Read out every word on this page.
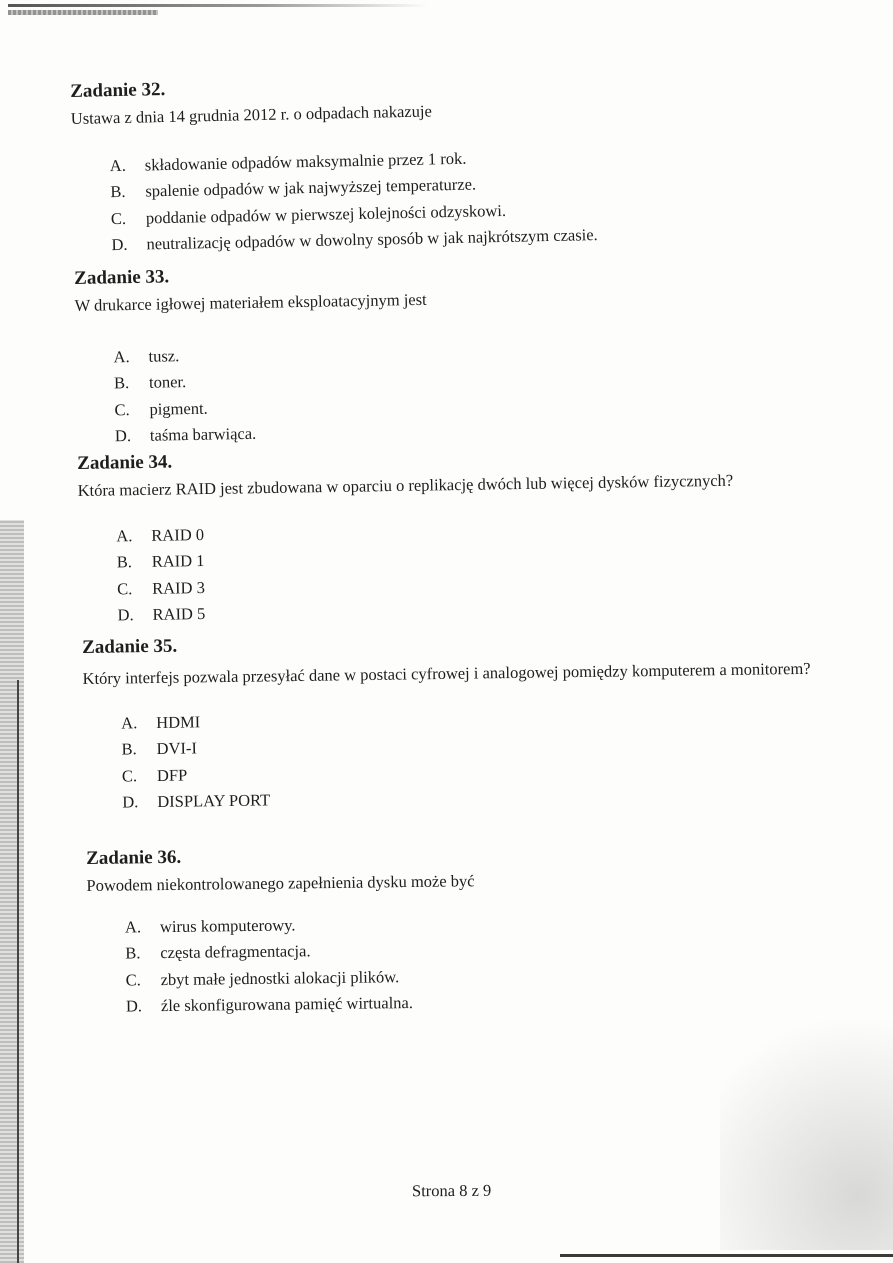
Zadanie 32.

Ustawa z dnia 14 grudnia 2012 r. o odpadach nakazuje

A.	składowanie odpadów maksymalnie przez 1 rok.
B.	spalenie odpadów w jak najwyższej temperaturze.
C.	poddanie odpadów w pierwszej kolejności odzyskowi.
D.	neutralizację odpadów w dowolny sposób w jak najkrótszym czasie.
Zadanie 33.

W drukarce igłowej materiałem eksploatacyjnym jest

A.	tusz.
B.	toner.
C.	pigment.
D.	taśma barwiąca.
Zadanie 34.

Która macierz RAID jest zbudowana w oparciu o replikację dwóch lub więcej dysków fizycznych?

A.	RAID 0
B.	RAID 1
C.	RAID 3
D.	RAID 5
Zadanie 35.

Który interfejs pozwala przesyłać dane w postaci cyfrowej i analogowej pomiędzy komputerem a monitorem?

A.	HDMI
B.	DVI-I
C.	DFP
D.	DISPLAY PORT
Zadanie 36.

Powodem niekontrolowanego zapełnienia dysku może być

A.	wirus komputerowy.
B.	częsta defragmentacja.
C.	zbyt małe jednostki alokacji plików.
D.	źle skonfigurowana pamięć wirtualna.
Strona 8 z 9
